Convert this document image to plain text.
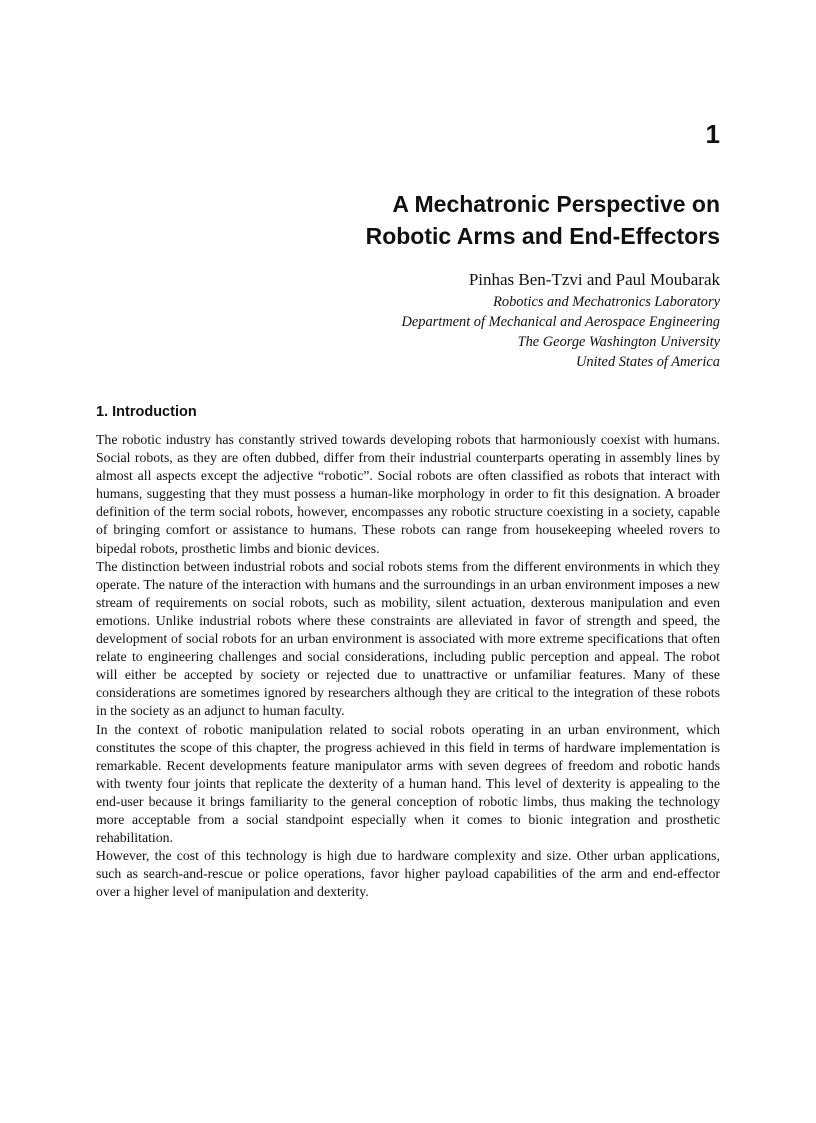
1
A Mechatronic Perspective on
Robotic Arms and End-Effectors
Pinhas Ben-Tzvi and Paul Moubarak
Robotics and Mechatronics Laboratory
Department of Mechanical and Aerospace Engineering
The George Washington University
United States of America
1. Introduction

The robotic industry has constantly strived towards developing robots that harmoniously coexist with humans. Social robots, as they are often dubbed, differ from their industrial counterparts operating in assembly lines by almost all aspects except the adjective “robotic”. Social robots are often classified as robots that interact with humans, suggesting that they must possess a human-like morphology in order to fit this designation. A broader definition of the term social robots, however, encompasses any robotic structure coexisting in a society, capable of bringing comfort or assistance to humans. These robots can range from housekeeping wheeled rovers to bipedal robots, prosthetic limbs and bionic devices.

The distinction between industrial robots and social robots stems from the different environments in which they operate. The nature of the interaction with humans and the surroundings in an urban environment imposes a new stream of requirements on social robots, such as mobility, silent actuation, dexterous manipulation and even emotions. Unlike industrial robots where these constraints are alleviated in favor of strength and speed, the development of social robots for an urban environment is associated with more extreme specifications that often relate to engineering challenges and social considerations, including public perception and appeal. The robot will either be accepted by society or rejected due to unattractive or unfamiliar features. Many of these considerations are sometimes ignored by researchers although they are critical to the integration of these robots in the society as an adjunct to human faculty.

In the context of robotic manipulation related to social robots operating in an urban environment, which constitutes the scope of this chapter, the progress achieved in this field in terms of hardware implementation is remarkable. Recent developments feature manipulator arms with seven degrees of freedom and robotic hands with twenty four joints that replicate the dexterity of a human hand. This level of dexterity is appealing to the end-user because it brings familiarity to the general conception of robotic limbs, thus making the technology more acceptable from a social standpoint especially when it comes to bionic integration and prosthetic rehabilitation.

However, the cost of this technology is high due to hardware complexity and size. Other urban applications, such as search-and-rescue or police operations, favor higher payload capabilities of the arm and end-effector over a higher level of manipulation and dexterity.
